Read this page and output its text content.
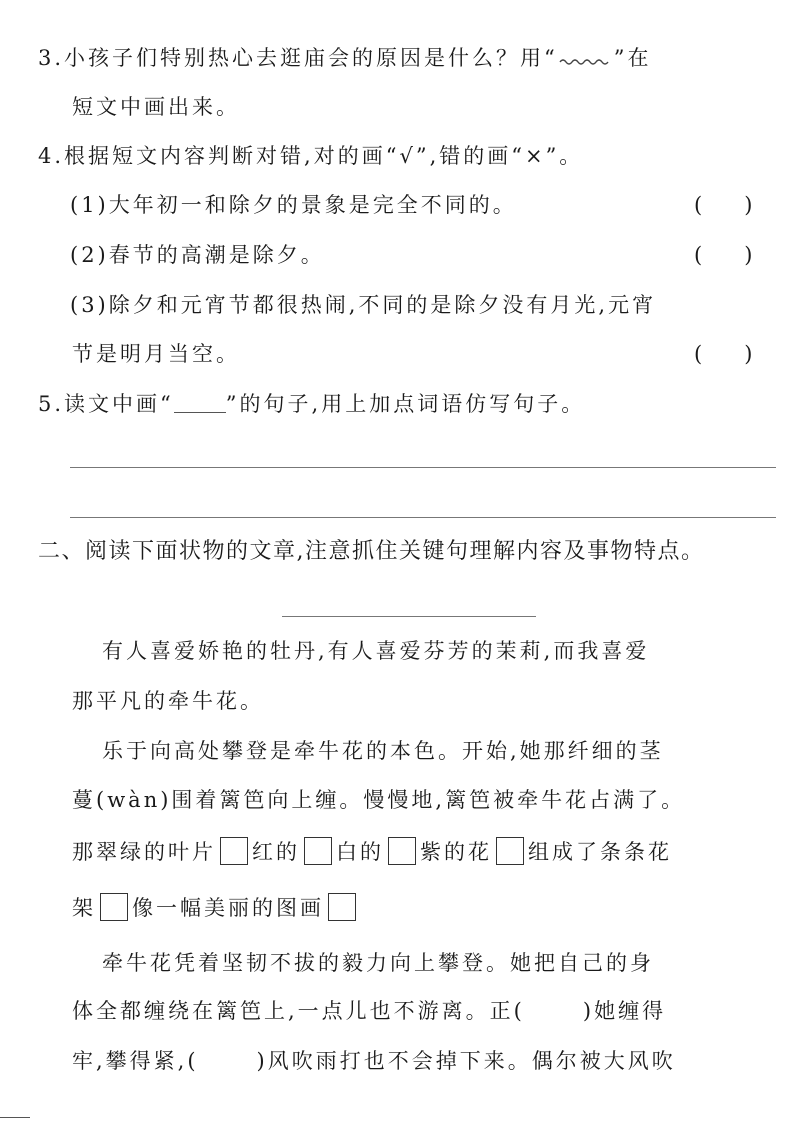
3.小孩子们特别热心去逛庙会的原因是什么？用“	”在
短文中画出来。
4.根据短文内容判断对错,对的画“√”,错的画“×”。
(1)大年初一和除夕的景象是完全不同的。	(　　)
(2)春节的高潮是除夕。	(　　)
(3)除夕和元宵节都很热闹,不同的是除夕没有月光,元宵
节是明月当空。	(　　)
5.读文中画“ ”的句子,用上加点词语仿写句子。
二、阅读下面状物的文章,注意抓住关键句理解内容及事物特点。
有人喜爱娇艳的牡丹,有人喜爱芬芳的茉莉,而我喜爱
那平凡的牵牛花。
乐于向高处攀登是牵牛花的本色。开始,她那纤细的茎
蔓(wàn)围着篱笆向上缠。慢慢地,篱笆被牵牛花占满了。
那翠绿的叶片 红的 白的 紫的花 组成了条条花
架 像一幅美丽的图画
牵牛花凭着坚韧不拔的毅力向上攀登。她把自己的身
体全都缠绕在篱笆上,一点儿也不游离。正(	)她缠得
牢,攀得紧,(	)风吹雨打也不会掉下来。偶尔被大风吹
